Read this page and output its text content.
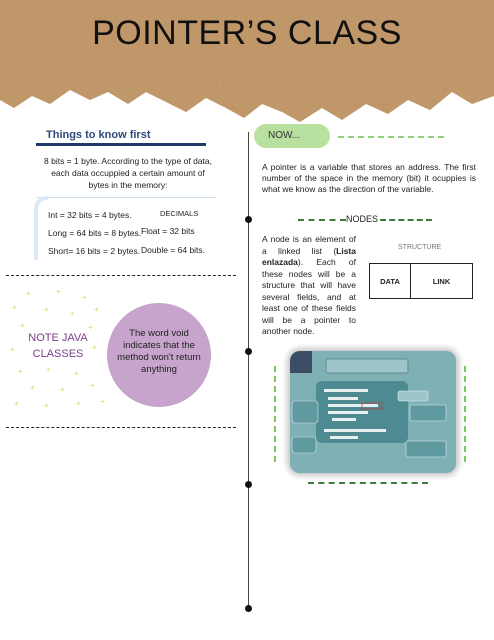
POINTER’S CLASS
Things to know first
8 bits = 1 byte. According to the type of data, each data occuppied a certain amount of bytes in the memory:
Int = 32 bits = 4 bytes.	DECIMALS
Long = 64 bits = 8 bytes. Float = 32 bits
Short= 16 bits = 2 bytes. Double = 64 bits.
+	+
+
+	+	+ +
+	+
+	+
+	+	+
+	+	+
+	+	+ +
NOTE JAVA CLASSES
The word void indicates that the method won't return anything
NOW...
A pointer is a variable that stores an address. The first number of the space in the memory (bit) it ocuppies is what we know as the direction of the variable.
NODES
A node is an element of a linked list (Lista enlazada). Each of these nodes will be a structure that will have several fields, and at least one of these fields will be a pointer to another node.
STRUCTURE
DATA	LINK
